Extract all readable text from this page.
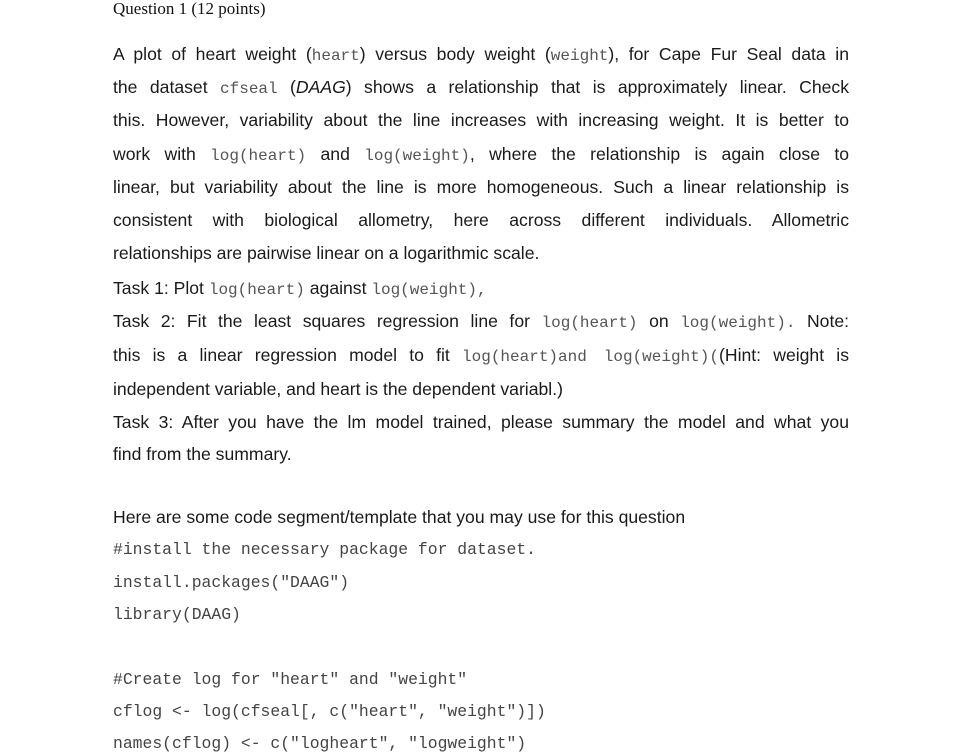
Question 1 (12 points)
A plot of heart weight (heart) versus body weight (weight), for Cape Fur Seal data in
the dataset cfseal (DAAG) shows a relationship that is approximately linear. Check
this. However, variability about the line increases with increasing weight. It is better to
work with log(heart) and log(weight), where the relationship is again close to
linear, but variability about the line is more homogeneous. Such a linear relationship is
consistent with biological allometry, here across different individuals. Allometric
relationships are pairwise linear on a logarithmic scale.
Task 1: Plot log(heart) against log(weight),
Task 2: Fit the least squares regression line for log(heart) on log(weight). Note:
this is a linear regression model to fit log(heart)and log(weight)((Hint: weight is
independent variable, and heart is the dependent variabl.)
Task 3: After you have the lm model trained, please summary the model and what you
find from the summary.
Here are some code segment/template that you may use for this question
#install the necessary package for dataset.
install.packages("DAAG")
library(DAAG)
#Create log for "heart" and "weight"
cflog <- log(cfseal[, c("heart", "weight")])
names(cflog) <- c("logheart", "logweight")
